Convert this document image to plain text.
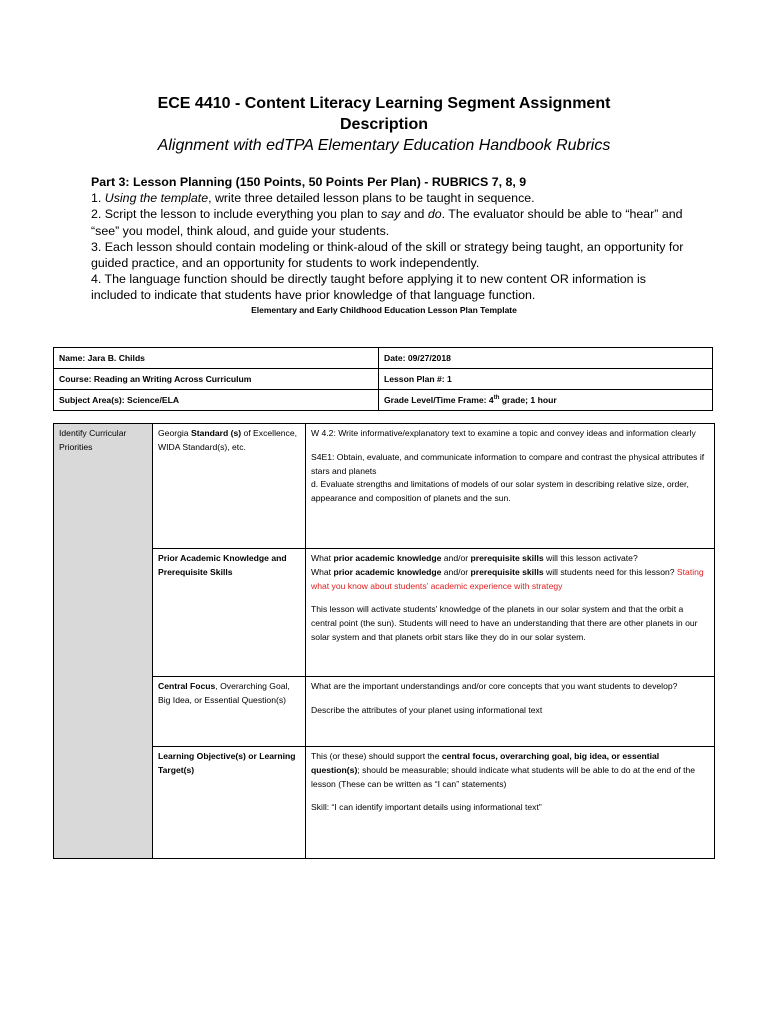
ECE 4410 - Content Literacy Learning Segment Assignment
Description
Alignment with edTPA Elementary Education Handbook Rubrics

Part 3: Lesson Planning (150 Points, 50 Points Per Plan) - RUBRICS 7, 8, 9

1. Using the template, write three detailed lesson plans to be taught in sequence.

2. Script the lesson to include everything you plan to say and do. The evaluator should be able to “hear” and “see” you model, think aloud, and guide your students.

3. Each lesson should contain modeling or think-aloud of the skill or strategy being taught, an opportunity for guided practice, and an opportunity for students to work independently.

4. The language function should be directly taught before applying it to new content OR information is included to indicate that students have prior knowledge of that language function.

Elementary and Early Childhood Education Lesson Plan Template
Name: Jara B. Childs	Date: 09/27/2018
Course: Reading an Writing Across Curriculum	Lesson Plan #: 1
Subject Area(s): Science/ELA	Grade Level/Time Frame: 4th grade; 1 hour
Identify Curricular Priorities	Georgia Standard (s) of Excellence, WIDA Standard(s), etc.	W 4.2: Write informative/explanatory text to examine a topic and convey ideas and information clearly

S4E1: Obtain, evaluate, and communicate information to compare and contrast the physical attributes if stars and planets
d. Evaluate strengths and limitations of models of our solar system in describing relative size, order, appearance and composition of planets and the sun.

	Prior Academic Knowledge and Prerequisite Skills	What prior academic knowledge and/or prerequisite skills will this lesson activate?
What prior academic knowledge and/or prerequisite skills will students need for this lesson? Stating what you know about students’ academic experience with strategy

This lesson will activate students’ knowledge of the planets in our solar system and that the orbit a central point (the sun). Students will need to have an understanding that there are other planets in our solar system and that planets orbit stars like they do in our solar system.

	Central Focus, Overarching Goal, Big Idea, or Essential Question(s)	What are the important understandings and/or core concepts that you want students to develop?

Describe the attributes of your planet using informational text

	Learning Objective(s) or Learning Target(s)	This (or these) should support the central focus, overarching goal, big idea, or essential question(s); should be measurable; should indicate what students will be able to do at the end of the lesson (These can be written as “I can” statements)

Skill: “I can identify important details using informational text”
